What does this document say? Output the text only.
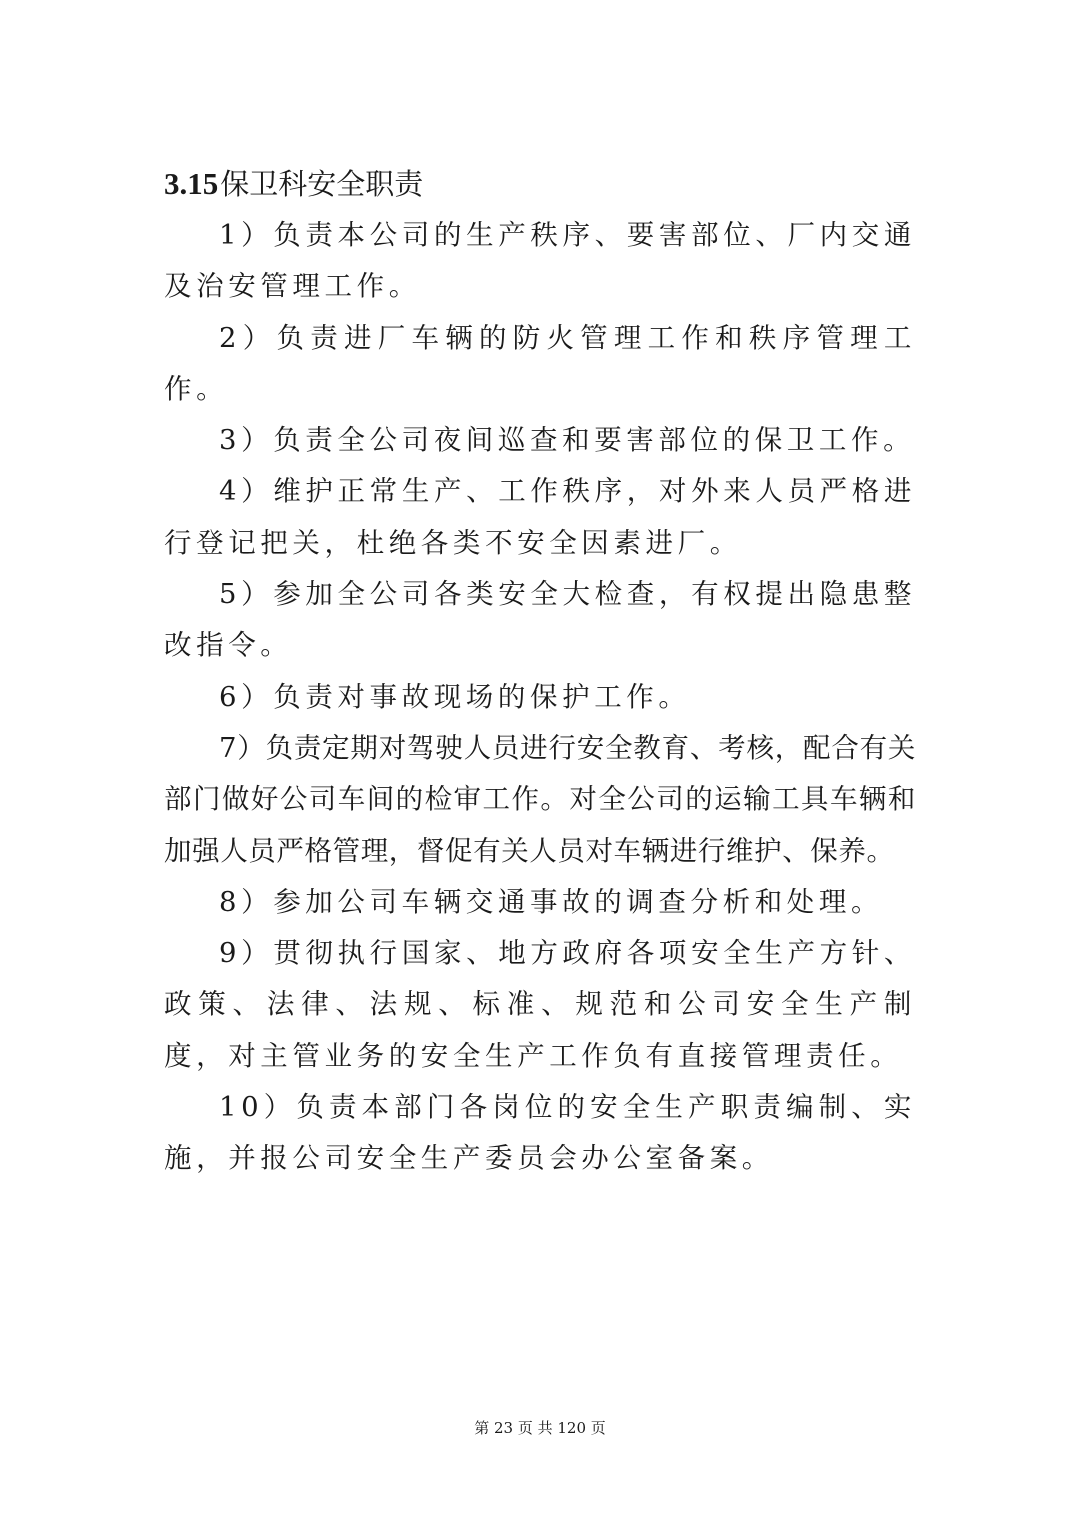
3.15保卫科安全职责

1）负责本公司的生产秩序、要害部位、厂内交通及治安管理工作。

2）负责进厂车辆的防火管理工作和秩序管理工作。

3）负责全公司夜间巡查和要害部位的保卫工作。

4）维护正常生产、工作秩序，对外来人员严格进行登记把关，杜绝各类不安全因素进厂。

5）参加全公司各类安全大检查，有权提出隐患整改指令。

6）负责对事故现场的保护工作。

7）负责定期对驾驶人员进行安全教育、考核，配合有关部门做好公司车间的检审工作。对全公司的运输工具车辆和加强人员严格管理，督促有关人员对车辆进行维护、保养。

8）参加公司车辆交通事故的调查分析和处理。

9）贯彻执行国家、地方政府各项安全生产方针、政策、法律、法规、标准、规范和公司安全生产制度，对主管业务的安全生产工作负有直接管理责任。

10）负责本部门各岗位的安全生产职责编制、实施，并报公司安全生产委员会办公室备案。

第 23 页 共 120 页
